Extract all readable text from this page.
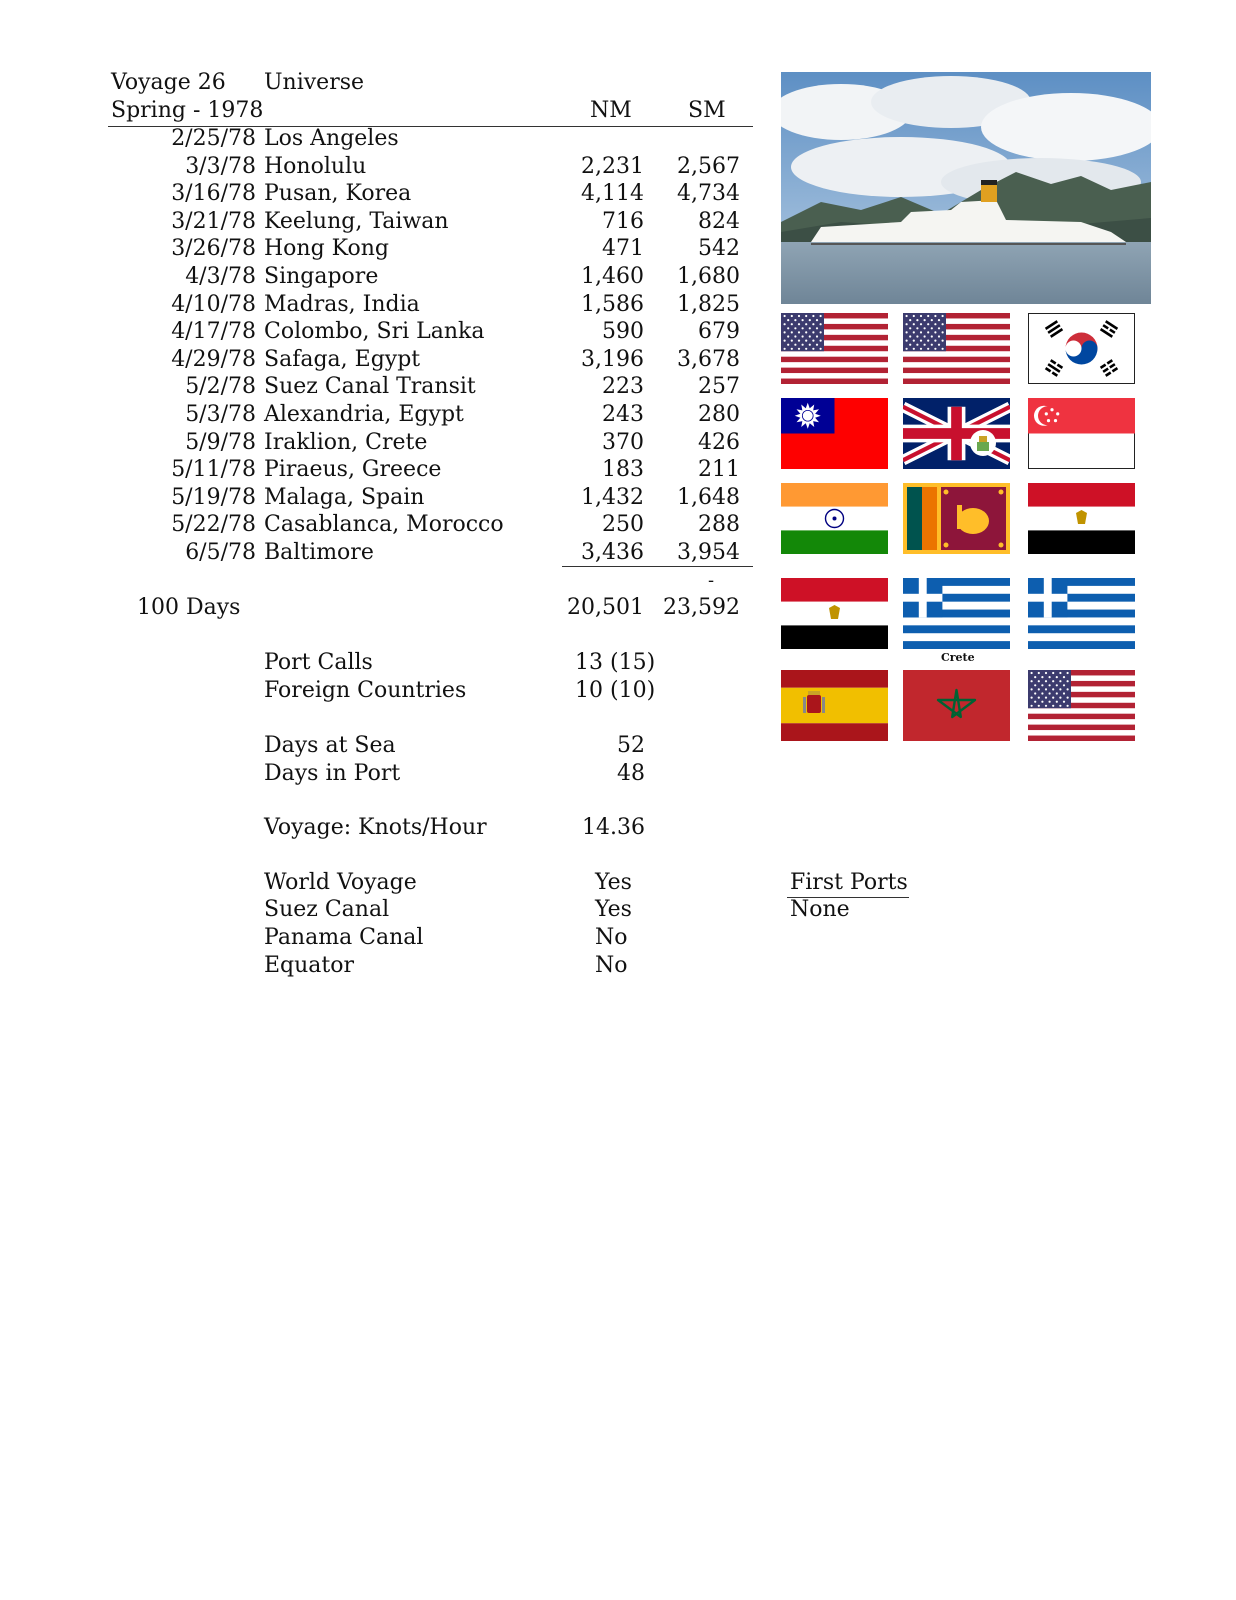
Voyage 26 Universe
Spring - 1978	NM	SM
2/25/78 Los Angeles
3/3/78 Honolulu	2,231	2,567
3/16/78 Pusan, Korea	4,114	4,734
3/21/78 Keelung, Taiwan	716	824
3/26/78 Hong Kong	471	542
4/3/78 Singapore	1,460	1,680
4/10/78 Madras, India	1,586	1,825
4/17/78 Colombo, Sri Lanka	590	679
4/29/78 Safaga, Egypt	3,196	3,678
5/2/78 Suez Canal Transit	223	257
5/3/78 Alexandria, Egypt	243	280
5/9/78 Iraklion, Crete	370	426
5/11/78 Piraeus, Greece	183	211
5/19/78 Malaga, Spain	1,432	1,648
5/22/78 Casablanca, Morocco	250	288
6/5/78 Baltimore	3,436	3,954
-
100 Days	20,501 23,592
Port Calls	13 (15)
Foreign Countries	10 (10)
Days at Sea	52
Days in Port	48
Voyage: Knots/Hour	14.36
World Voyage	Yes
Suez Canal	Yes
Panama Canal	No
Equator	No
First Ports
None
Crete
